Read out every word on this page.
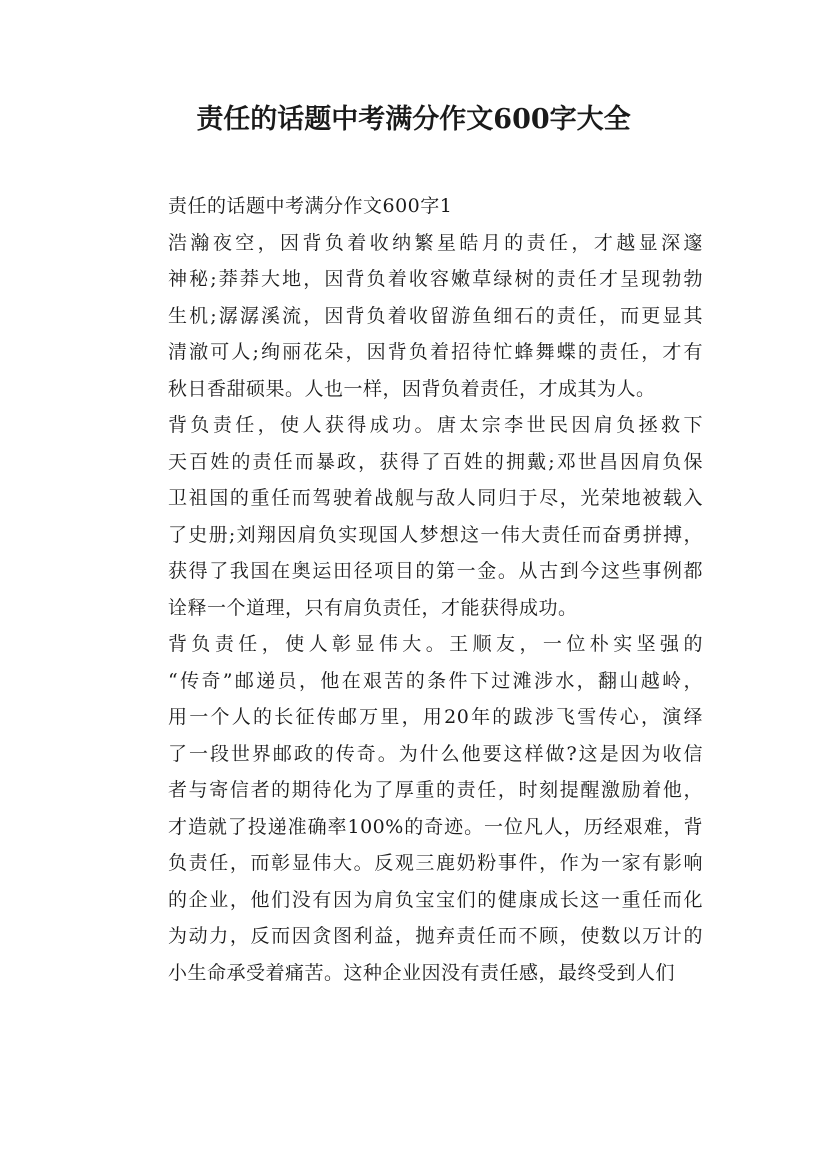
责任的话题中考满分作文600字大全

责任的话题中考满分作文600字1

浩瀚夜空，因背负着收纳繁星皓月的责任，才越显深邃
神秘;莽莽大地，因背负着收容嫩草绿树的责任才呈现勃勃
生机;潺潺溪流，因背负着收留游鱼细石的责任，而更显其
清澈可人;绚丽花朵，因背负着招待忙蜂舞蝶的责任，才有
秋日香甜硕果。人也一样，因背负着责任，才成其为人。

背负责任，使人获得成功。唐太宗李世民因肩负拯救下
天百姓的责任而暴政，获得了百姓的拥戴;邓世昌因肩负保
卫祖国的重任而驾驶着战舰与敌人同归于尽，光荣地被载入
了史册;刘翔因肩负实现国人梦想这一伟大责任而奋勇拼搏，
获得了我国在奥运田径项目的第一金。从古到今这些事例都
诠释一个道理，只有肩负责任，才能获得成功。

背负责任，使人彰显伟大。王顺友，一位朴实坚强的
“传奇”邮递员，他在艰苦的条件下过滩涉水，翻山越岭，
用一个人的长征传邮万里，用20年的跋涉飞雪传心，演绎
了一段世界邮政的传奇。为什么他要这样做?这是因为收信
者与寄信者的期待化为了厚重的责任，时刻提醒激励着他，
才造就了投递准确率100%的奇迹。一位凡人，历经艰难，背
负责任，而彰显伟大。反观三鹿奶粉事件，作为一家有影响
的企业，他们没有因为肩负宝宝们的健康成长这一重任而化
为动力，反而因贪图利益，抛弃责任而不顾，使数以万计的
小生命承受着痛苦。这种企业因没有责任感，最终受到人们
